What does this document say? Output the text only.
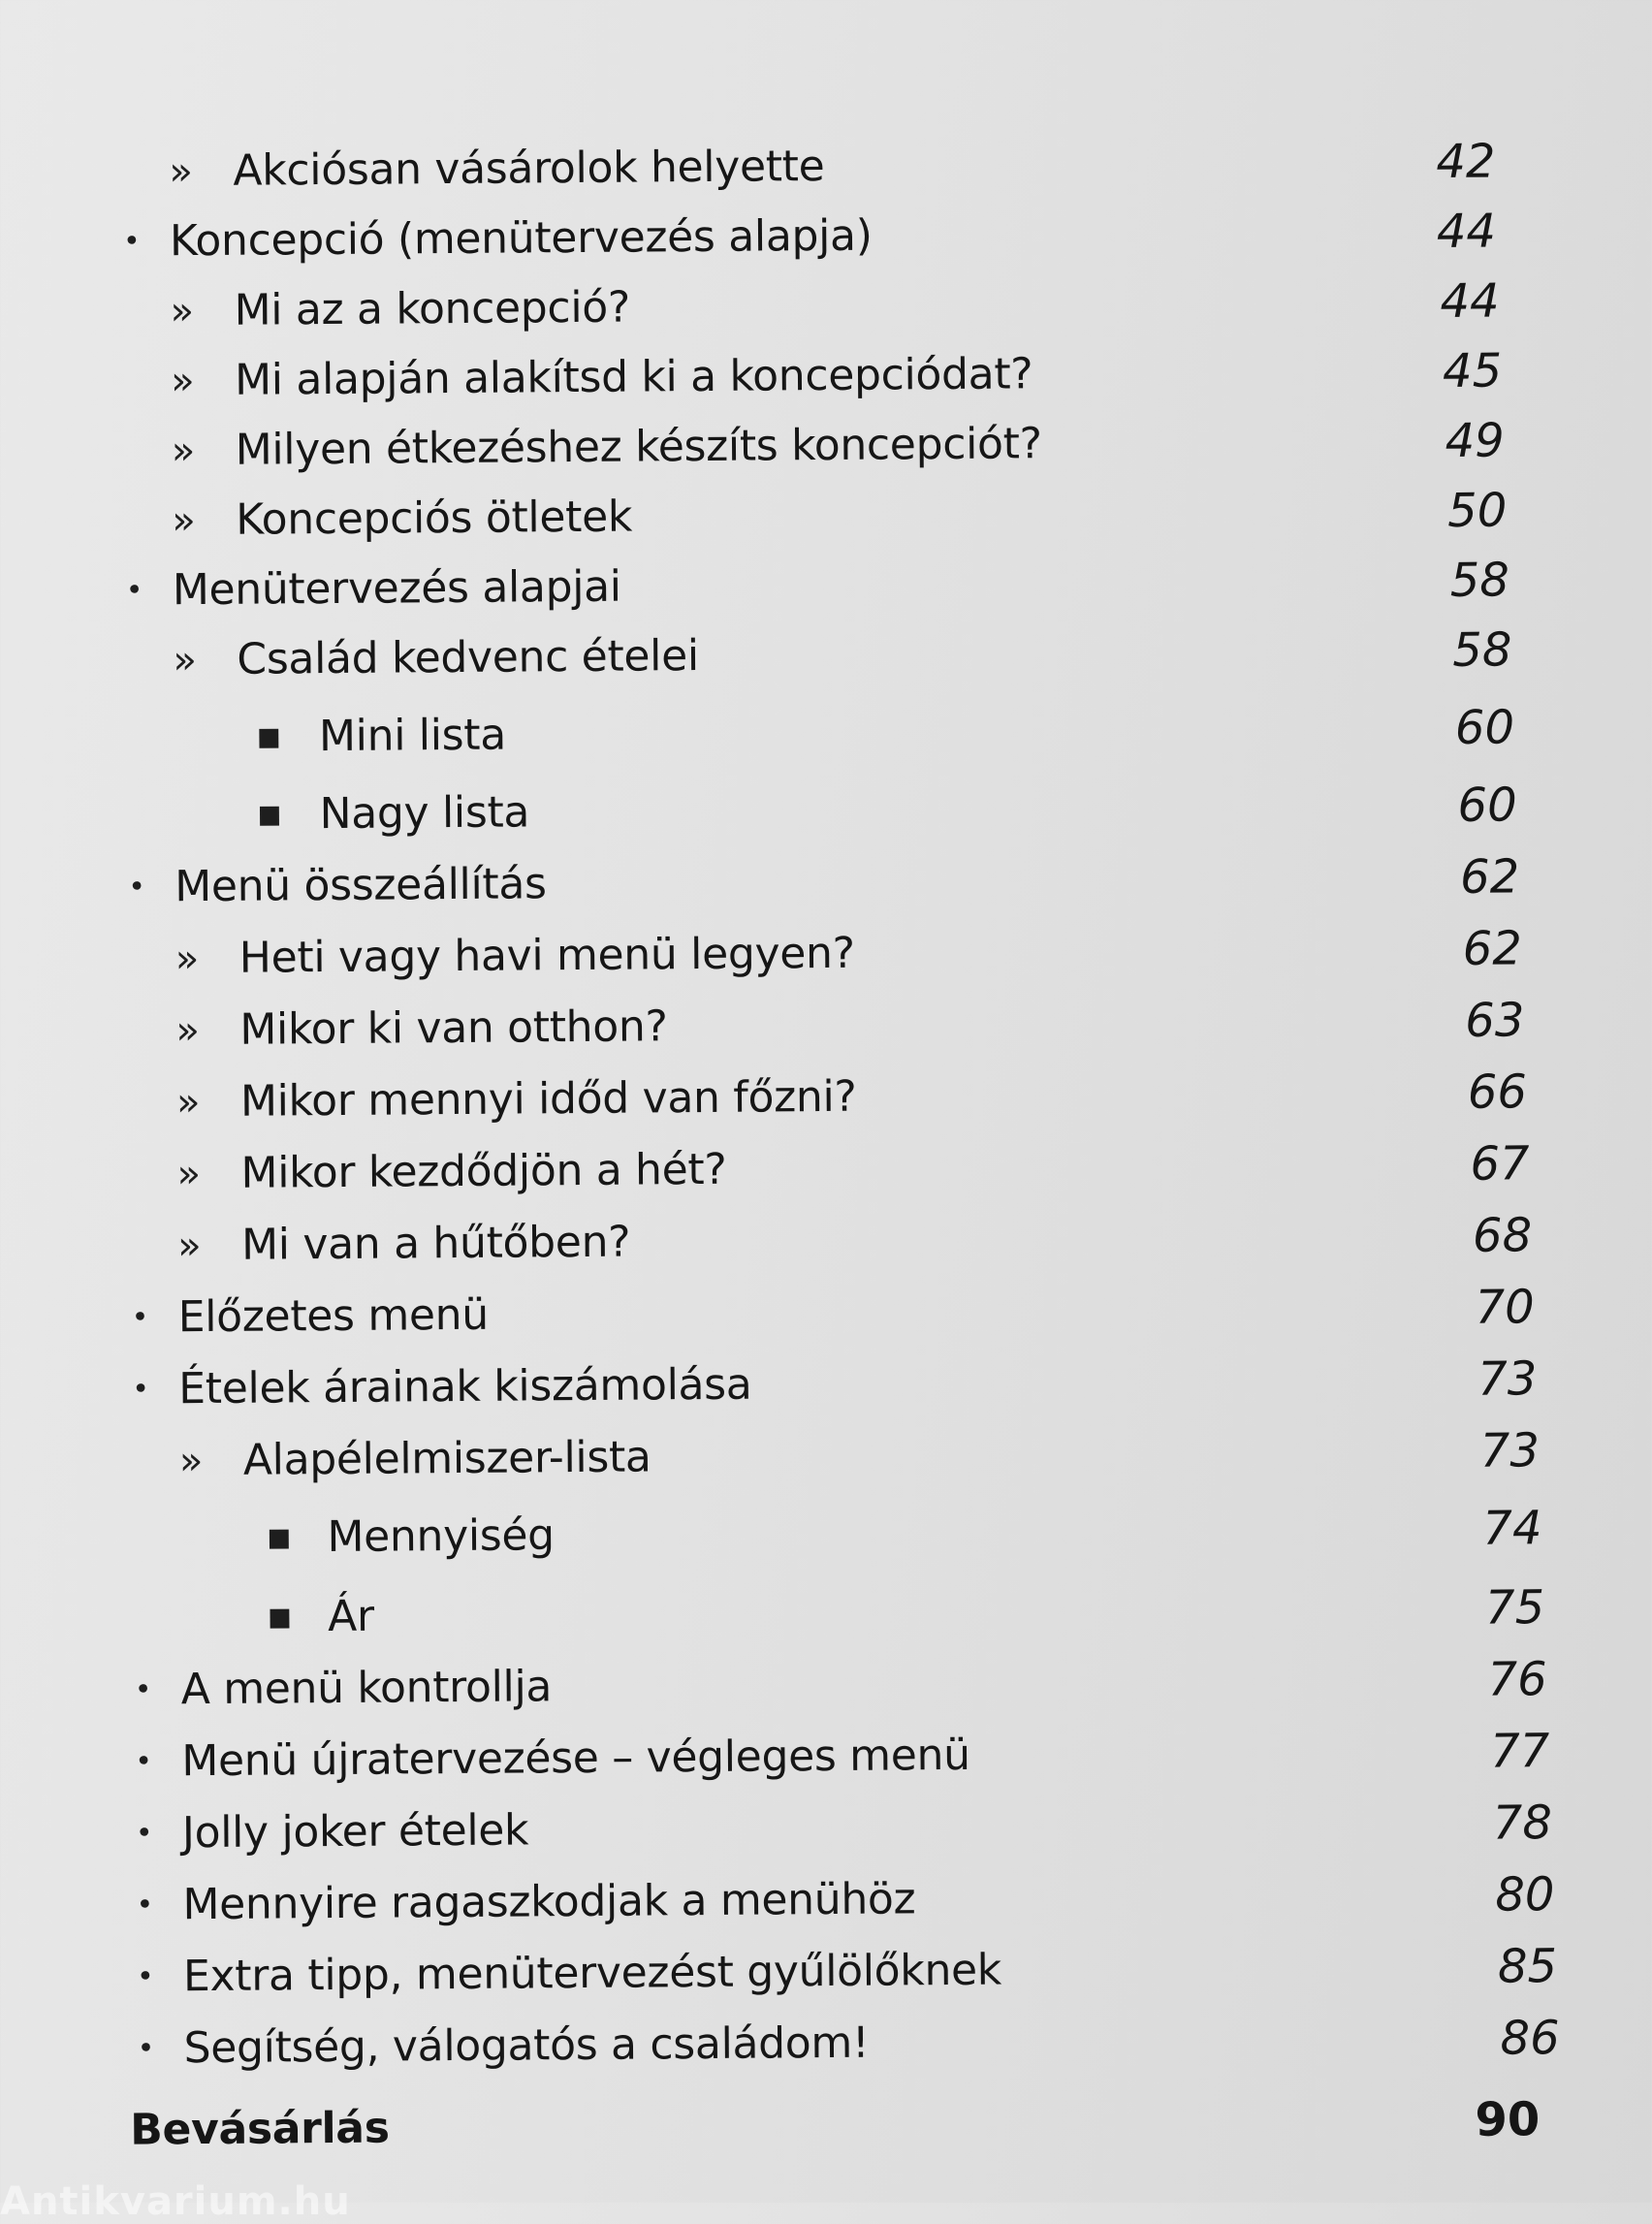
» Akciósan vásárolok helyette	42
• Koncepció (menütervezés alapja)	44
» Mi az a koncepció?	44
» Mi alapján alakítsd ki a koncepciódat?	45
» Milyen étkezéshez készíts koncepciót?	49
» Koncepciós ötletek	50
• Menütervezés alapjai	58
» Család kedvenc ételei	58
■ Mini lista	60
■ Nagy lista	60
• Menü összeállítás	62
» Heti vagy havi menü legyen?	62
» Mikor ki van otthon?	63
» Mikor mennyi időd van főzni?	66
» Mikor kezdődjön a hét?	67
» Mi van a hűtőben?	68
• Előzetes menü	70
• Ételek árainak kiszámolása	73
» Alapélelmiszer-lista	73
■ Mennyiség	74
■ Ár	75
• A menü kontrollja	76
• Menü újratervezése – végleges menü	77
• Jolly joker ételek	78
• Mennyire ragaszkodjak a menühöz	80
• Extra tipp, menütervezést gyűlölőknek	85
• Segítség, válogatós a családom!	86
Bevásárlás	90
Antikvarium.hu
